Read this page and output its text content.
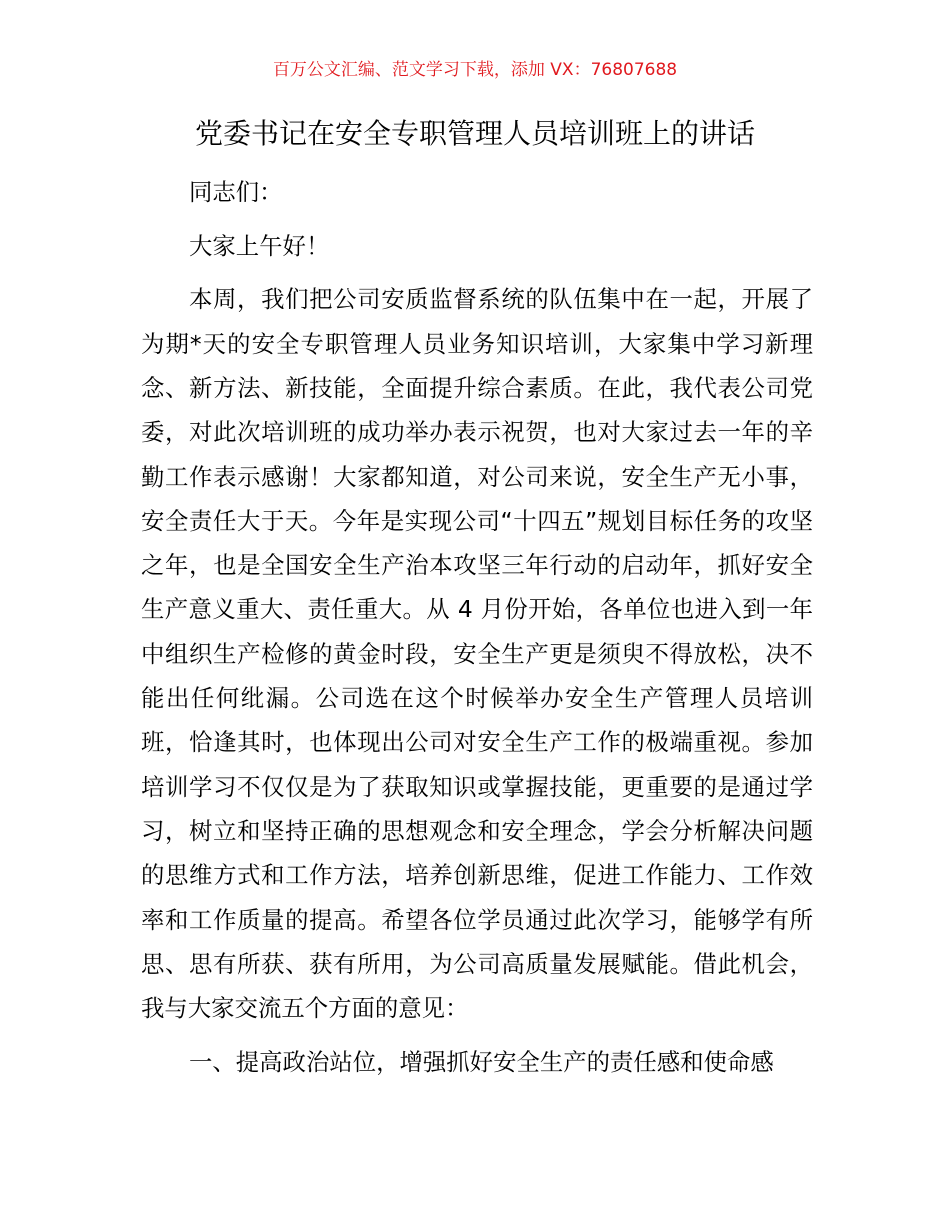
百万公文汇编、范文学习下载，添加 VX：76807688
党委书记在安全专职管理人员培训班上的讲话

同志们：

大家上午好！

本周，我们把公司安质监督系统的队伍集中在一起，开展了为期*天的安全专职管理人员业务知识培训，大家集中学习新理念、新方法、新技能，全面提升综合素质。在此，我代表公司党委，对此次培训班的成功举办表示祝贺，也对大家过去一年的辛勤工作表示感谢！大家都知道，对公司来说，安全生产无小事，安全责任大于天。今年是实现公司“十四五”规划目标任务的攻坚之年，也是全国安全生产治本攻坚三年行动的启动年，抓好安全生产意义重大、责任重大。从 4 月份开始，各单位也进入到一年中组织生产检修的黄金时段，安全生产更是须臾不得放松，决不能出任何纰漏。公司选在这个时候举办安全生产管理人员培训班，恰逢其时，也体现出公司对安全生产工作的极端重视。参加培训学习不仅仅是为了获取知识或掌握技能，更重要的是通过学习，树立和坚持正确的思想观念和安全理念，学会分析解决问题的思维方式和工作方法，培养创新思维，促进工作能力、工作效率和工作质量的提高。希望各位学员通过此次学习，能够学有所思、思有所获、获有所用，为公司高质量发展赋能。借此机会，我与大家交流五个方面的意见：

一、提高政治站位，增强抓好安全生产的责任感和使命感
